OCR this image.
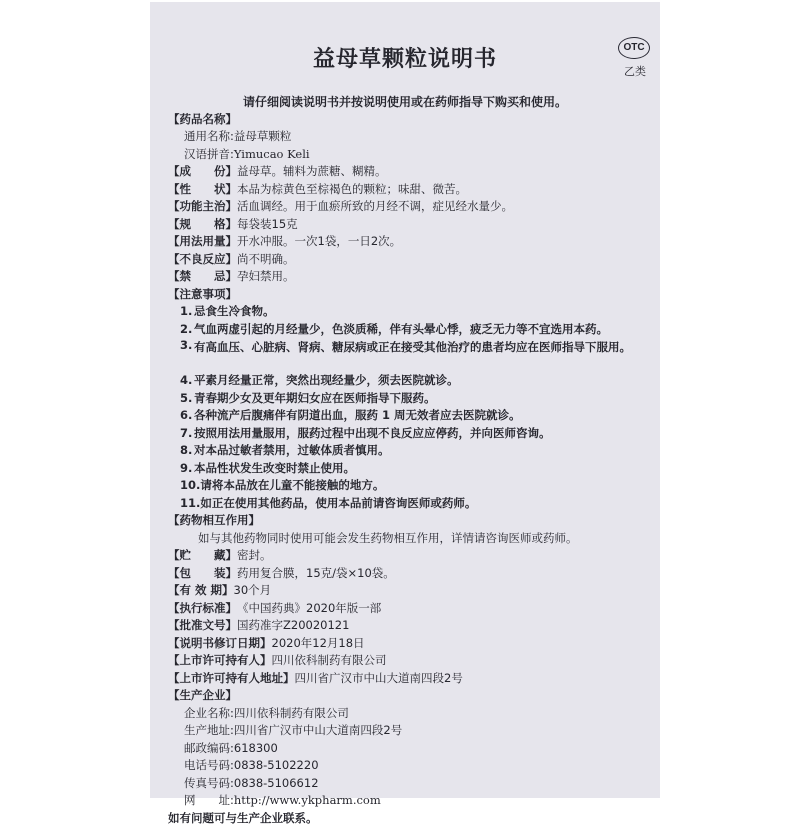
OTC
乙类
益母草颗粒说明书
请仔细阅读说明书并按说明使用或在药师指导下购买和使用。
【药品名称】
通用名称: 益母草颗粒
汉语拼音: Yimucao Keli
【成　　份】 益母草。辅料为蔗糖、糊精。
【性　　状】 本品为棕黄色至棕褐色的颗粒；味甜、微苦。
【功能主治】 活血调经。用于血瘀所致的月经不调，症见经水量少。
【规　　格】 每袋装15克
【用法用量】 开水冲服。一次1袋，一日2次。
【不良反应】 尚不明确。
【禁　　忌】 孕妇禁用。
【注意事项】
1. 忌食生冷食物。
2. 气血两虚引起的月经量少，色淡质稀，伴有头晕心悸，疲乏无力等不宜选用本药。
3. 有高血压、心脏病、肾病、糖尿病或正在接受其他治疗的患者均应在医师指导下服用。
4. 平素月经量正常，突然出现经量少，须去医院就诊。
5. 青春期少女及更年期妇女应在医师指导下服药。
6. 各种流产后腹痛伴有阴道出血，服药 1 周无效者应去医院就诊。
7. 按照用法用量服用，服药过程中出现不良反应应停药，并向医师咨询。
8. 对本品过敏者禁用，过敏体质者慎用。
9. 本品性状发生改变时禁止使用。
10. 请将本品放在儿童不能接触的地方。
11. 如正在使用其他药品，使用本品前请咨询医师或药师。
【药物相互作用】
如与其他药物同时使用可能会发生药物相互作用，详情请咨询医师或药师。
【贮　　藏】 密封。
【包　　装】 药用复合膜，15克/袋×10袋。
【有 效 期】 30个月
【执行标准】 《中国药典》2020年版一部
【批准文号】 国药准字Z20020121
【说明书修订日期】 2020年12月18日
【上市许可持有人】 四川依科制药有限公司
【上市许可持有人地址】 四川省广汉市中山大道南四段2号
【生产企业】
企业名称: 四川依科制药有限公司
生产地址: 四川省广汉市中山大道南四段2号
邮政编码: 618300
电话号码: 0838-5102220
传真号码: 0838-5106612
网　　址: http://www.ykpharm.com
如有问题可与生产企业联系。
